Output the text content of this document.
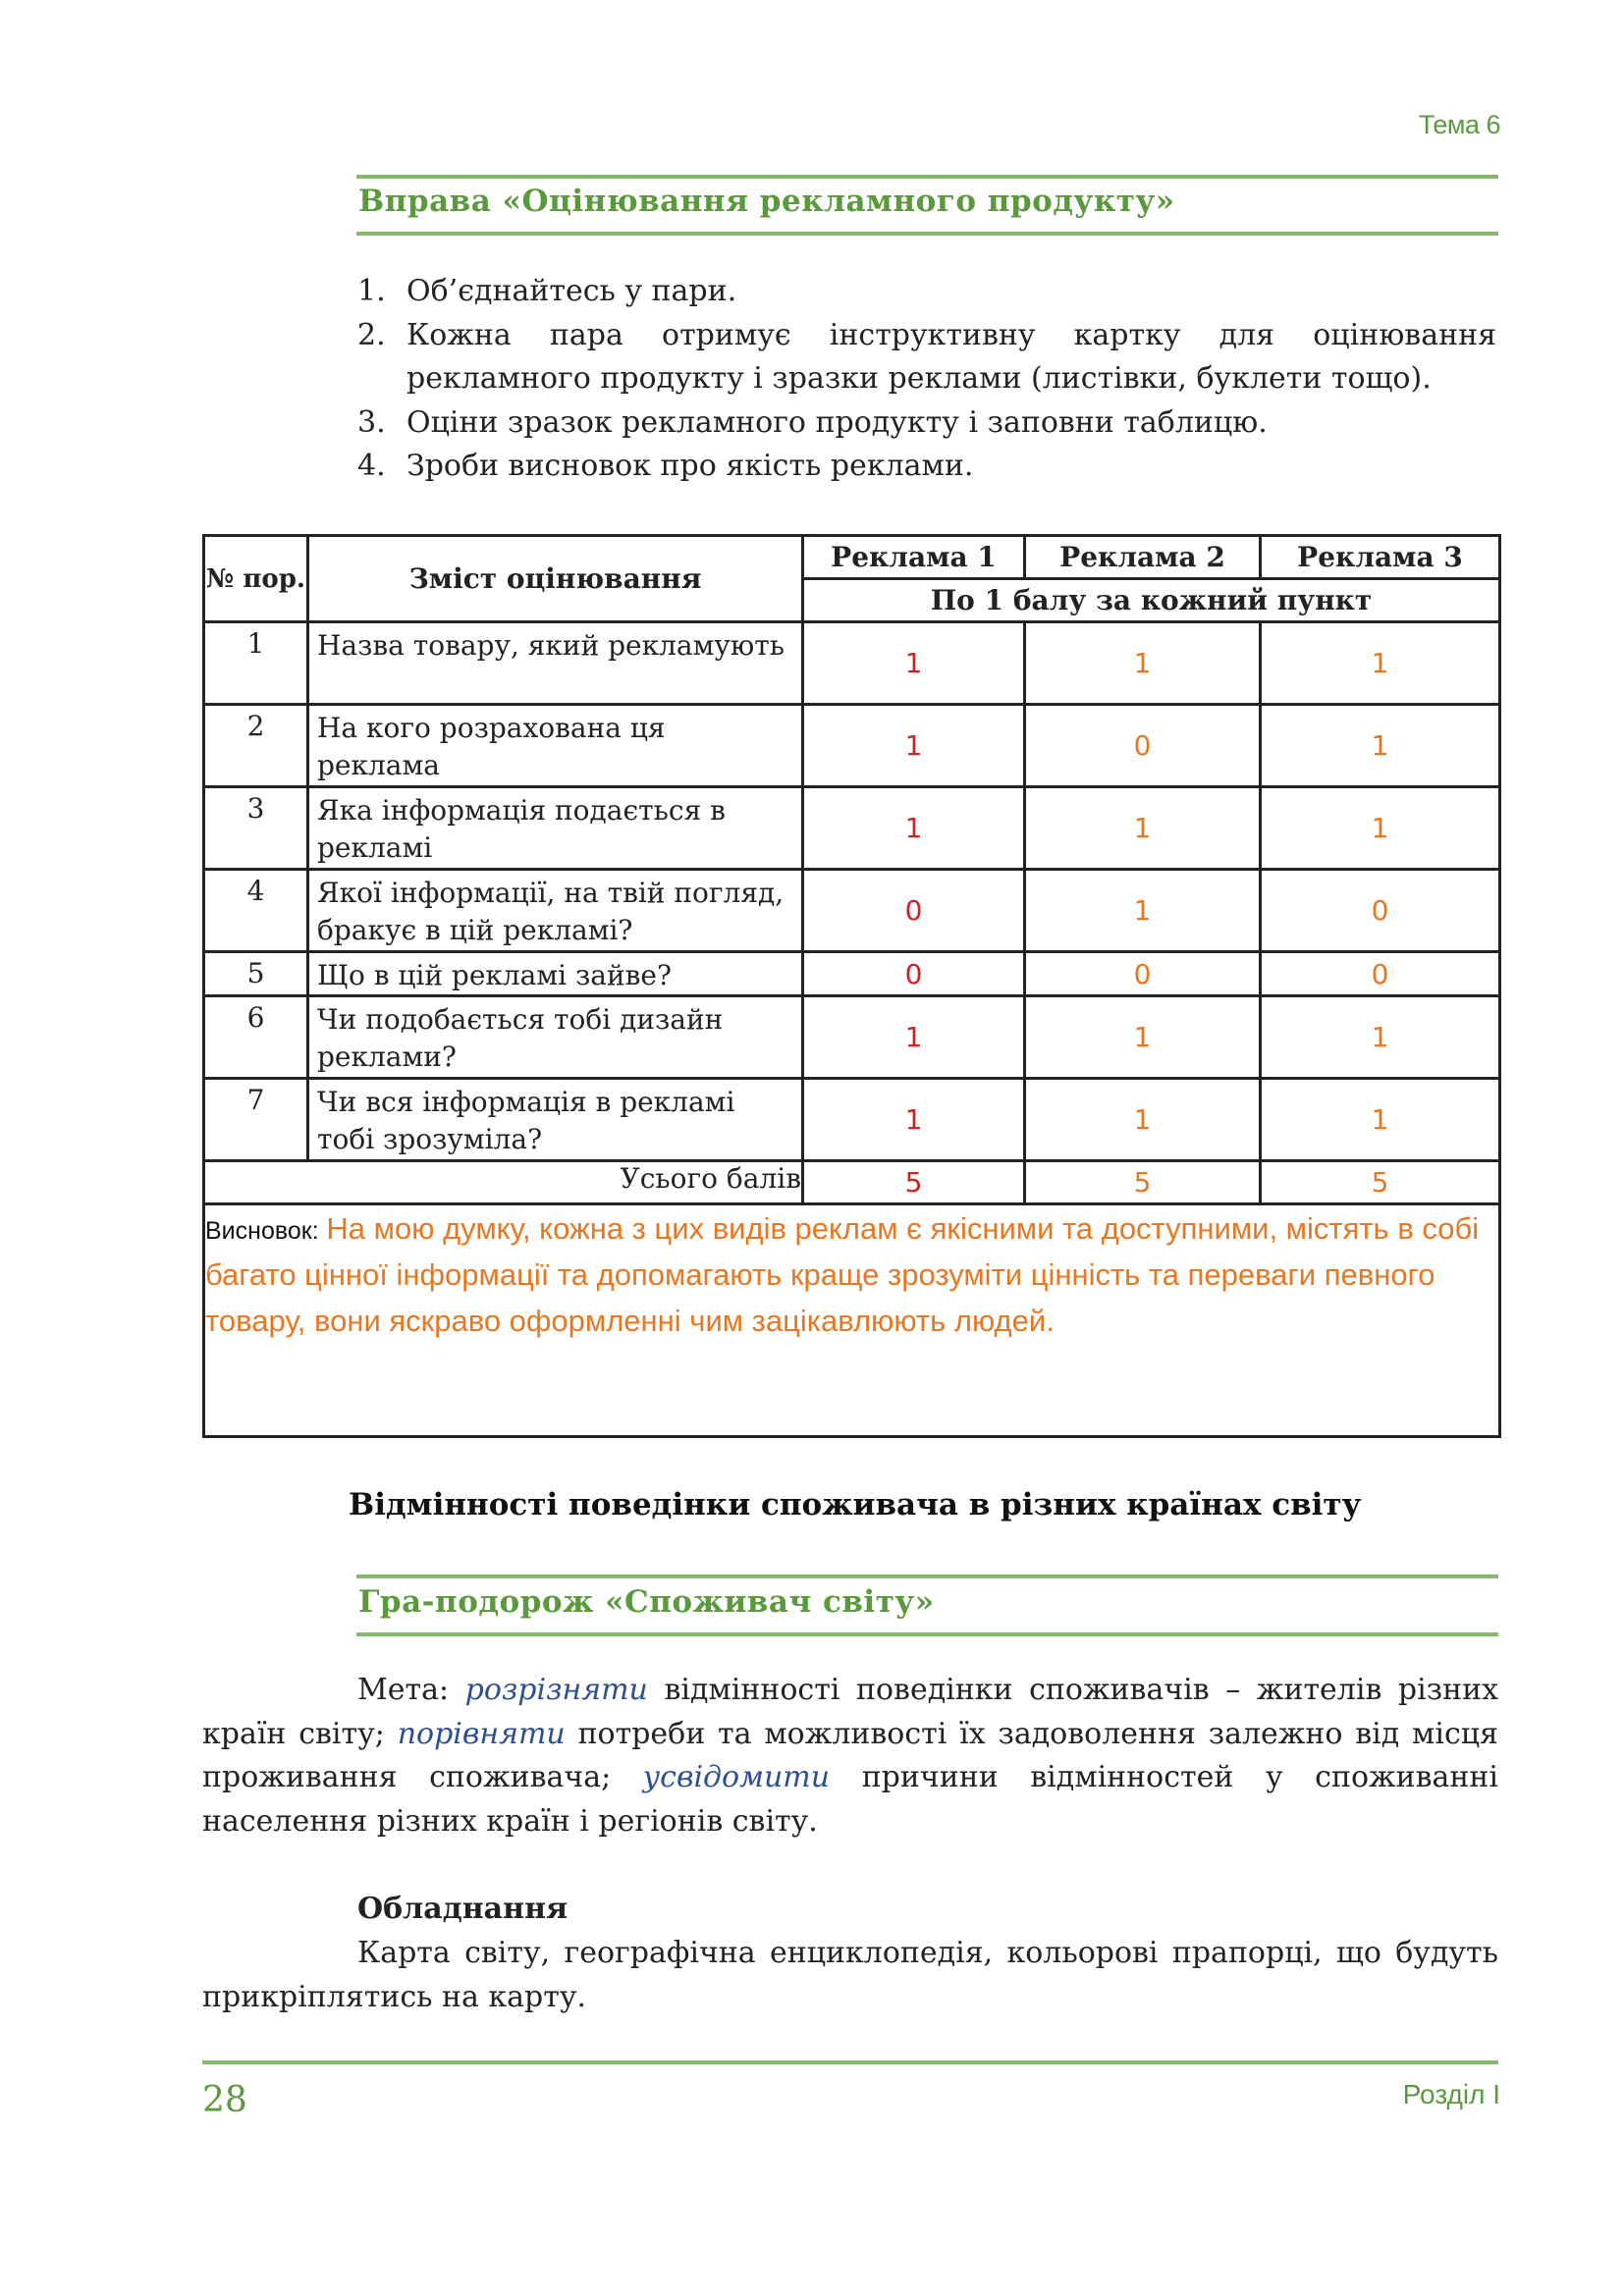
Тема 6
Вправа «Оцінювання рекламного продукту»
1. Об’єднайтесь у пари.
2. Кожна пара отримує інструктивну картку для оцінювання рекламного продукту і зразки реклами (листівки, буклети тощо).
3. Оціни зразок рекламного продукту і заповни таблицю.
4. Зроби висновок про якість реклами.
№ пор.	Зміст оцінювання	Реклама 1	Реклама 2	Реклама 3
		По 1 балу за кожний пункт		
1	Назва товару, який рекламують	1	1	1
2	На кого розрахована ця реклама	1	0	1
3	Яка інформація подається в рекламі	1	1	1
4	Якої інформації, на твій погляд, бракує в цій рекламі?	0	1	0
5	Що в цій рекламі зайве?	0	0	0
6	Чи подобається тобі дизайн реклами?	1	1	1
7	Чи вся інформація в рекламі тобі зрозуміла?	1	1	1
Усього балів		5	5	5
Висновок: На мою думку, кожна з цих видів реклам є якісними та доступними, містять в собі багато цінної інформації та допомагають краще зрозуміти цінність та переваги певного товару, вони яскраво оформленні чим зацікавлюють людей.				
Відмінності поведінки споживача в різних країнах світу
Гра-подорож «Споживач світу»

Мета: розрізняти відмінності поведінки споживачів – жителів різних країн світу; порівняти потреби та можливості їх задоволення залежно від місця проживання споживача; усвідомити причини відмінностей у споживанні населення різних країн і регіонів світу.

Обладнання

Карта світу, географічна енциклопедія, кольорові прапорці, що будуть прикріплятись на карту.

28	Розділ І
